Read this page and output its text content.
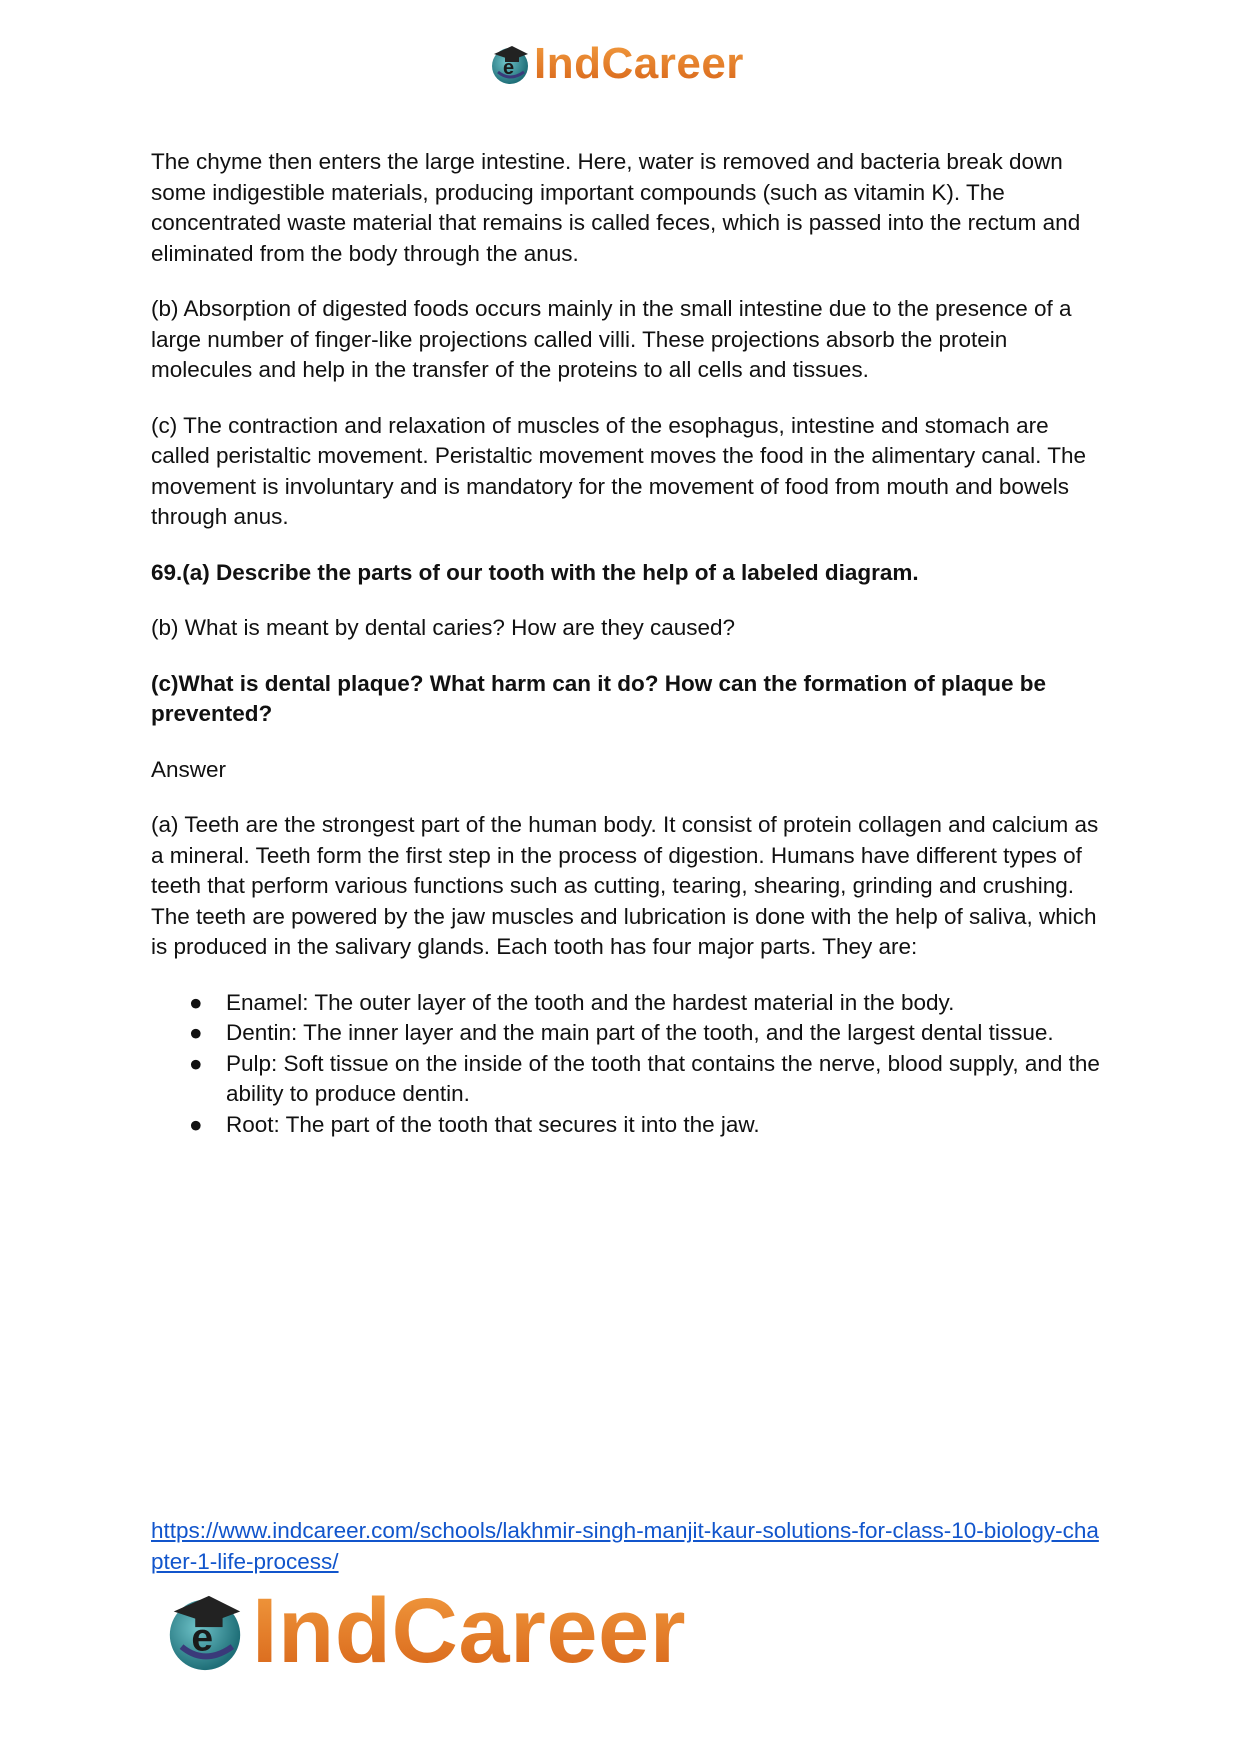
e IndCareer

The chyme then enters the large intestine. Here, water is removed and bacteria break down some indigestible materials, producing important compounds (such as vitamin K). The concentrated waste material that remains is called feces, which is passed into the rectum and eliminated from the body through the anus.

(b) Absorption of digested foods occurs mainly in the small intestine due to the presence of a large number of finger-like projections called villi. These projections absorb the protein molecules and help in the transfer of the proteins to all cells and tissues.

(c) The contraction and relaxation of muscles of the esophagus, intestine and stomach are called peristaltic movement. Peristaltic movement moves the food in the alimentary canal. The movement is involuntary and is mandatory for the movement of food from mouth and bowels through anus.

69.(a) Describe the parts of our tooth with the help of a labeled diagram.

(b) What is meant by dental caries? How are they caused?

(c)What is dental plaque? What harm can it do? How can the formation of plaque be prevented?

Answer

(a) Teeth are the strongest part of the human body. It consist of protein collagen and calcium as a mineral. Teeth form the first step in the process of digestion. Humans have different types of teeth that perform various functions such as cutting, tearing, shearing, grinding and crushing. The teeth are powered by the jaw muscles and lubrication is done with the help of saliva, which is produced in the salivary glands. Each tooth has four major parts. They are:

● Enamel: The outer layer of the tooth and the hardest material in the body.
● Dentin: The inner layer and the main part of the tooth, and the largest dental tissue.
● Pulp: Soft tissue on the inside of the tooth that contains the nerve, blood supply, and the ability to produce dentin.
● Root: The part of the tooth that secures it into the jaw.
https://www.indcareer.com/schools/lakhmir-singh-manjit-kaur-solutions-for-class-10-biology-chapter-1-life-process/
e IndCareer
